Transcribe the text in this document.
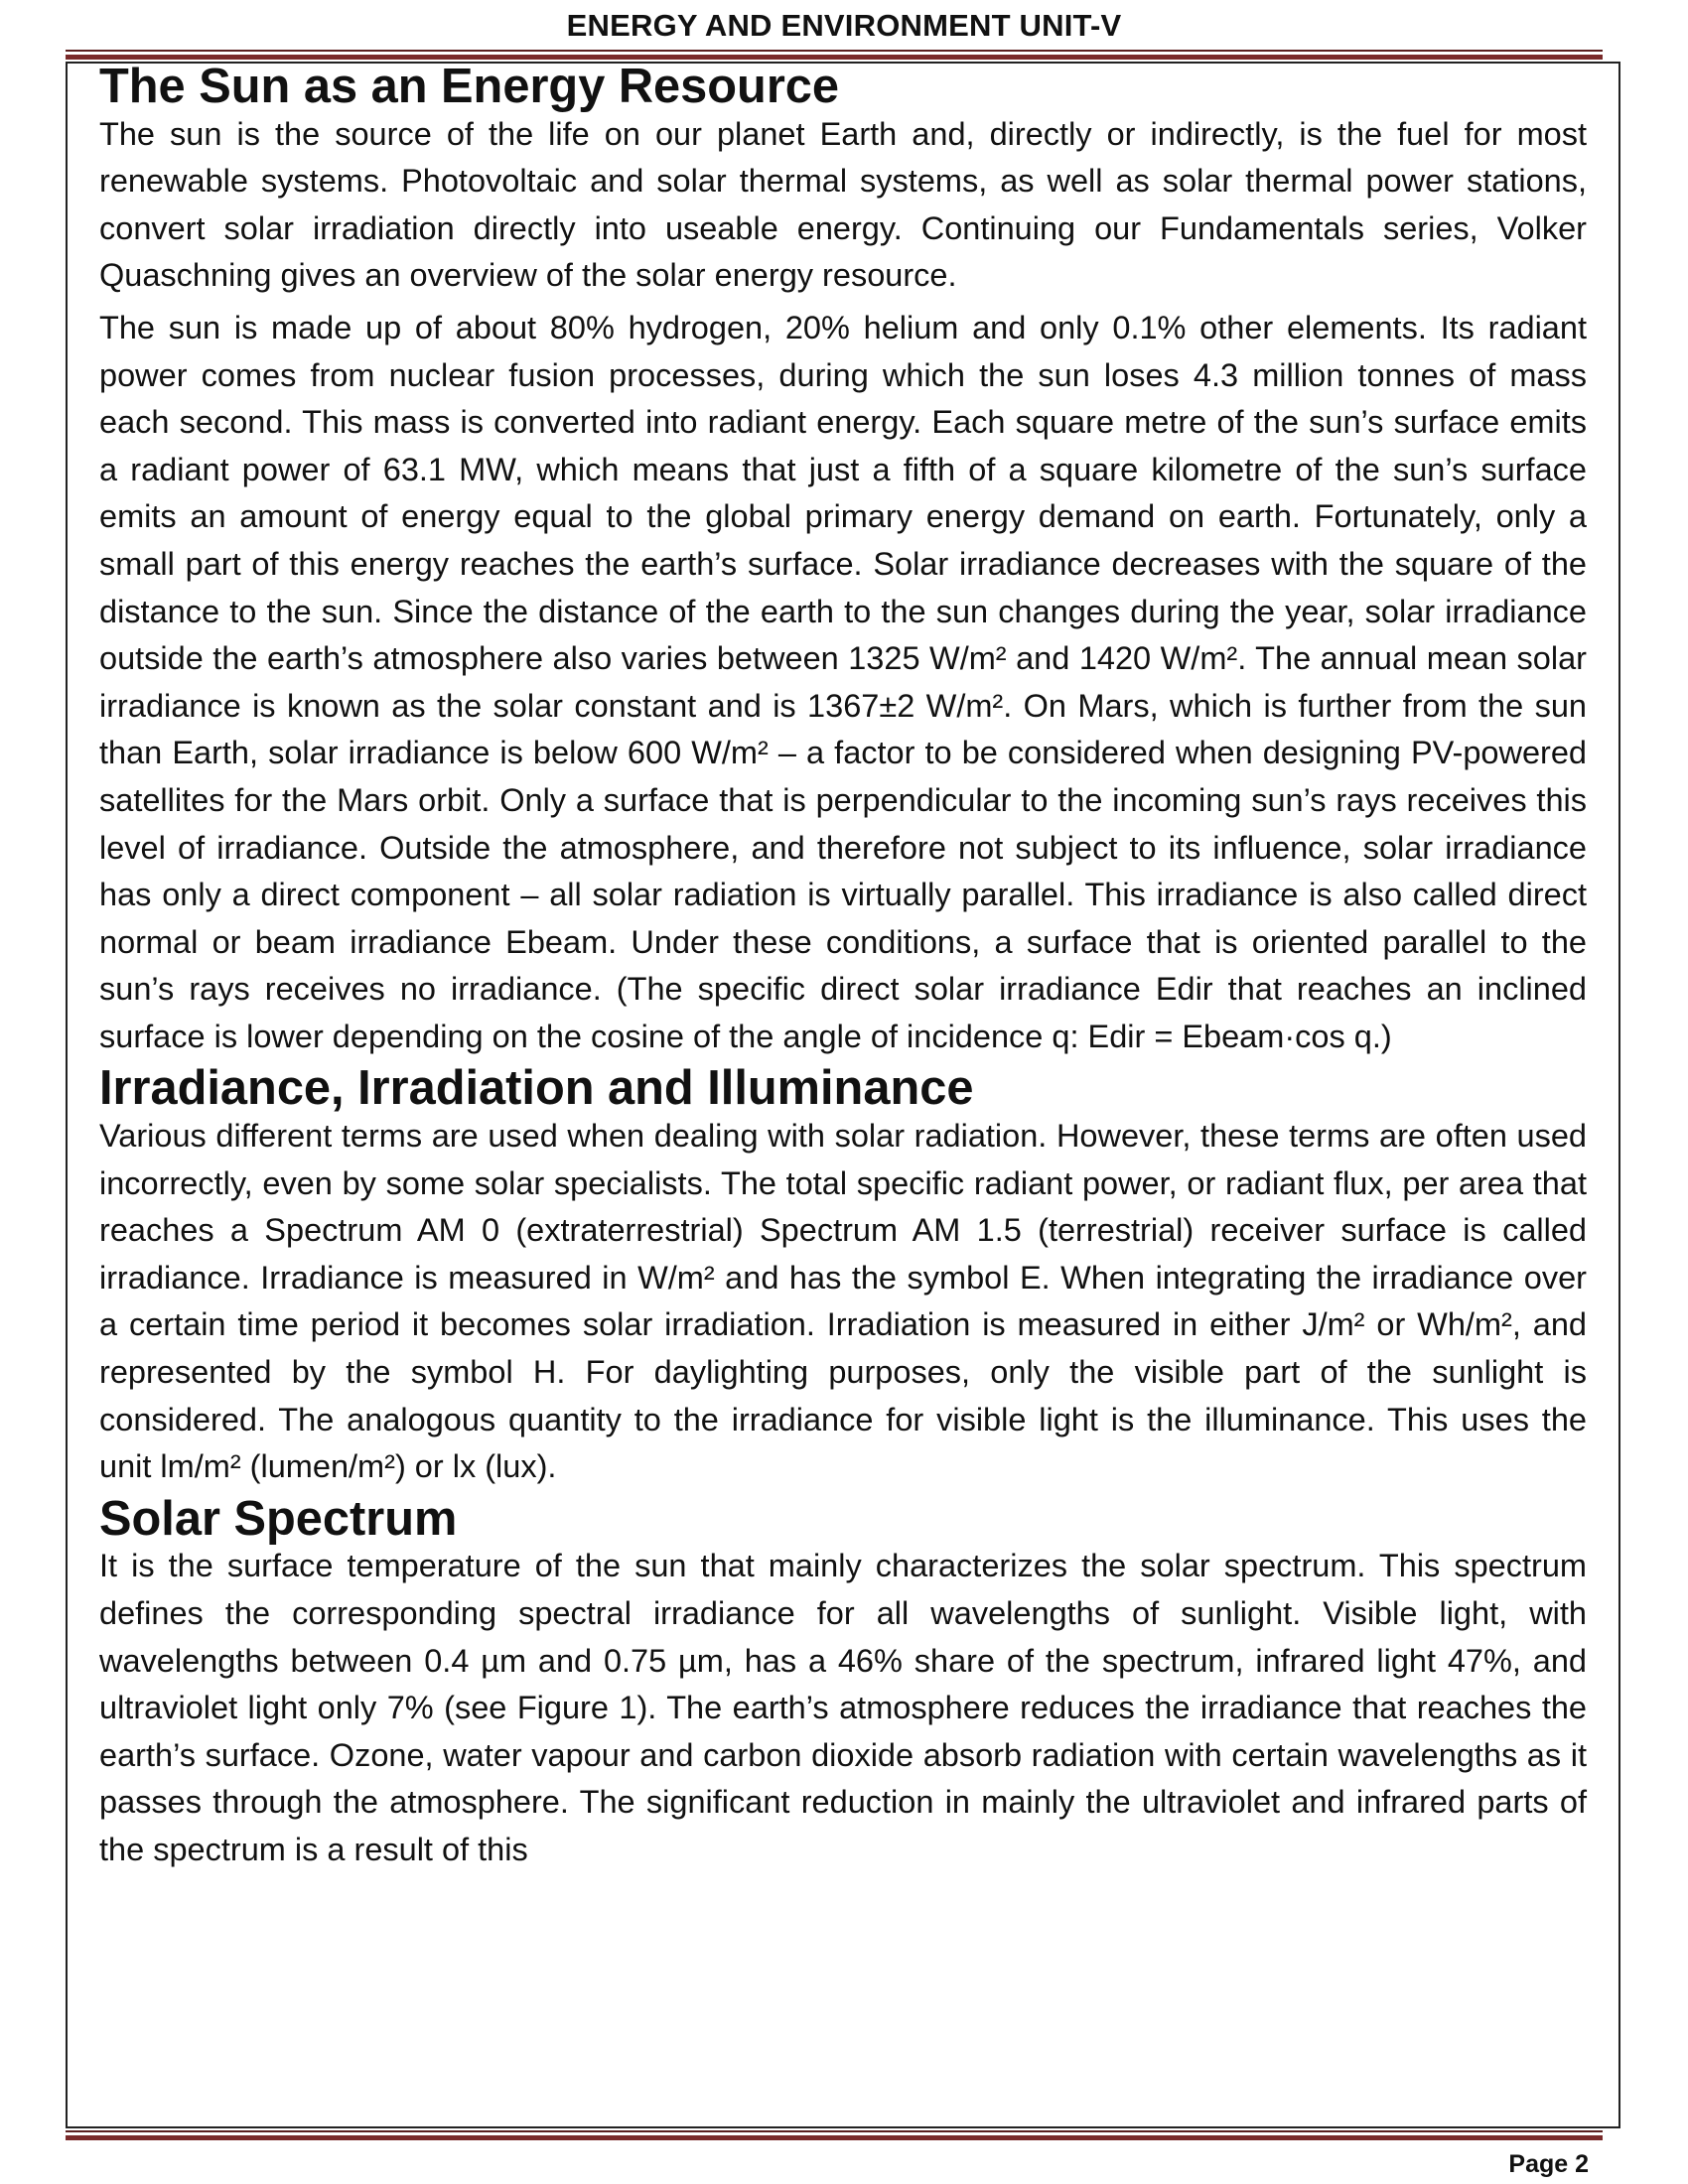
ENERGY AND ENVIRONMENT UNIT-V
The Sun as an Energy Resource

The sun is the source of the life on our planet Earth and, directly or indirectly, is the fuel for most renewable systems. Photovoltaic and solar thermal systems, as well as solar thermal power stations, convert solar irradiation directly into useable energy. Continuing our Fundamentals series, Volker Quaschning gives an overview of the solar energy resource.

The sun is made up of about 80% hydrogen, 20% helium and only 0.1% other elements. Its radiant power comes from nuclear fusion processes, during which the sun loses 4.3 million tonnes of mass each second. This mass is converted into radiant energy. Each square metre of the sun’s surface emits a radiant power of 63.1 MW, which means that just a fifth of a square kilometre of the sun’s surface emits an amount of energy equal to the global primary energy demand on earth. Fortunately, only a small part of this energy reaches the earth’s surface. Solar irradiance decreases with the square of the distance to the sun. Since the distance of the earth to the sun changes during the year, solar irradiance outside the earth’s atmosphere also varies between 1325 W/m² and 1420 W/m². The annual mean solar irradiance is known as the solar constant and is 1367±2 W/m². On Mars, which is further from the sun than Earth, solar irradiance is below 600 W/m² – a factor to be considered when designing PV-powered satellites for the Mars orbit. Only a surface that is perpendicular to the incoming sun’s rays receives this level of irradiance. Outside the atmosphere, and therefore not subject to its influence, solar irradiance has only a direct component – all solar radiation is virtually parallel. This irradiance is also called direct normal or beam irradiance Ebeam. Under these conditions, a surface that is oriented parallel to the sun’s rays receives no irradiance. (The specific direct solar irradiance Edir that reaches an inclined surface is lower depending on the cosine of the angle of incidence q: Edir = Ebeam·cos q.)

Irradiance, Irradiation and Illuminance

Various different terms are used when dealing with solar radiation. However, these terms are often used incorrectly, even by some solar specialists. The total specific radiant power, or radiant flux, per area that reaches a Spectrum AM 0 (extraterrestrial) Spectrum AM 1.5 (terrestrial) receiver surface is called irradiance. Irradiance is measured in W/m² and has the symbol E. When integrating the irradiance over a certain time period it becomes solar irradiation. Irradiation is measured in either J/m² or Wh/m², and represented by the symbol H. For daylighting purposes, only the visible part of the sunlight is considered. The analogous quantity to the irradiance for visible light is the illuminance. This uses the unit lm/m² (lumen/m²) or lx (lux).

Solar Spectrum

It is the surface temperature of the sun that mainly characterizes the solar spectrum. This spectrum defines the corresponding spectral irradiance for all wavelengths of sunlight. Visible light, with wavelengths between 0.4 µm and 0.75 µm, has a 46% share of the spectrum, infrared light 47%, and ultraviolet light only 7% (see Figure 1). The earth’s atmosphere reduces the irradiance that reaches the earth’s surface. Ozone, water vapour and carbon dioxide absorb radiation with certain wavelengths as it passes through the atmosphere. The significant reduction in mainly the ultraviolet and infrared parts of the spectrum is a result of this

Page 2
